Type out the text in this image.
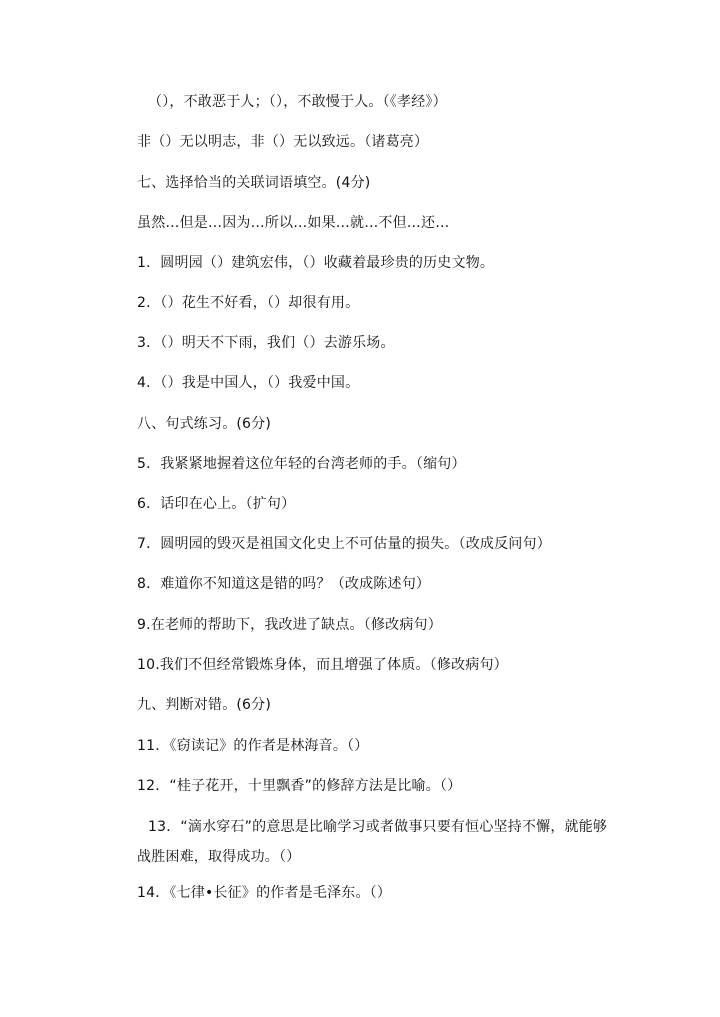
（），不敢恶于人；（），不敢慢于人。（《孝经》）
非（）无以明志，非（）无以致远。（诸葛亮）
七、选择恰当的关联词语填空。(4分)
虽然…但是…因为…所以…如果…就…不但…还…
1．圆明园（）建筑宏伟，（）收藏着最珍贵的历史文物。
2．（）花生不好看，（）却很有用。
3．（）明天不下雨，我们（）去游乐场。
4．（）我是中国人，（）我爱中国。
八、句式练习。(6分)
5．我紧紧地握着这位年轻的台湾老师的手。（缩句）
6．话印在心上。（扩句）
7．圆明园的毁灭是祖国文化史上不可估量的损失。（改成反问句）
8．难道你不知道这是错的吗？（改成陈述句）
9.在老师的帮助下，我改进了缺点。（修改病句）
10.我们不但经常锻炼身体，而且增强了体质。（修改病句）
九、判断对错。(6分)
11．《窃读记》的作者是林海音。（）
12．“桂子花开，十里飘香”的修辞方法是比喻。（）
13．“滴水穿石”的意思是比喻学习或者做事只要有恒心坚持不懈，就能够战胜困难，取得成功。（）
14．《七律•长征》的作者是毛泽东。（）
